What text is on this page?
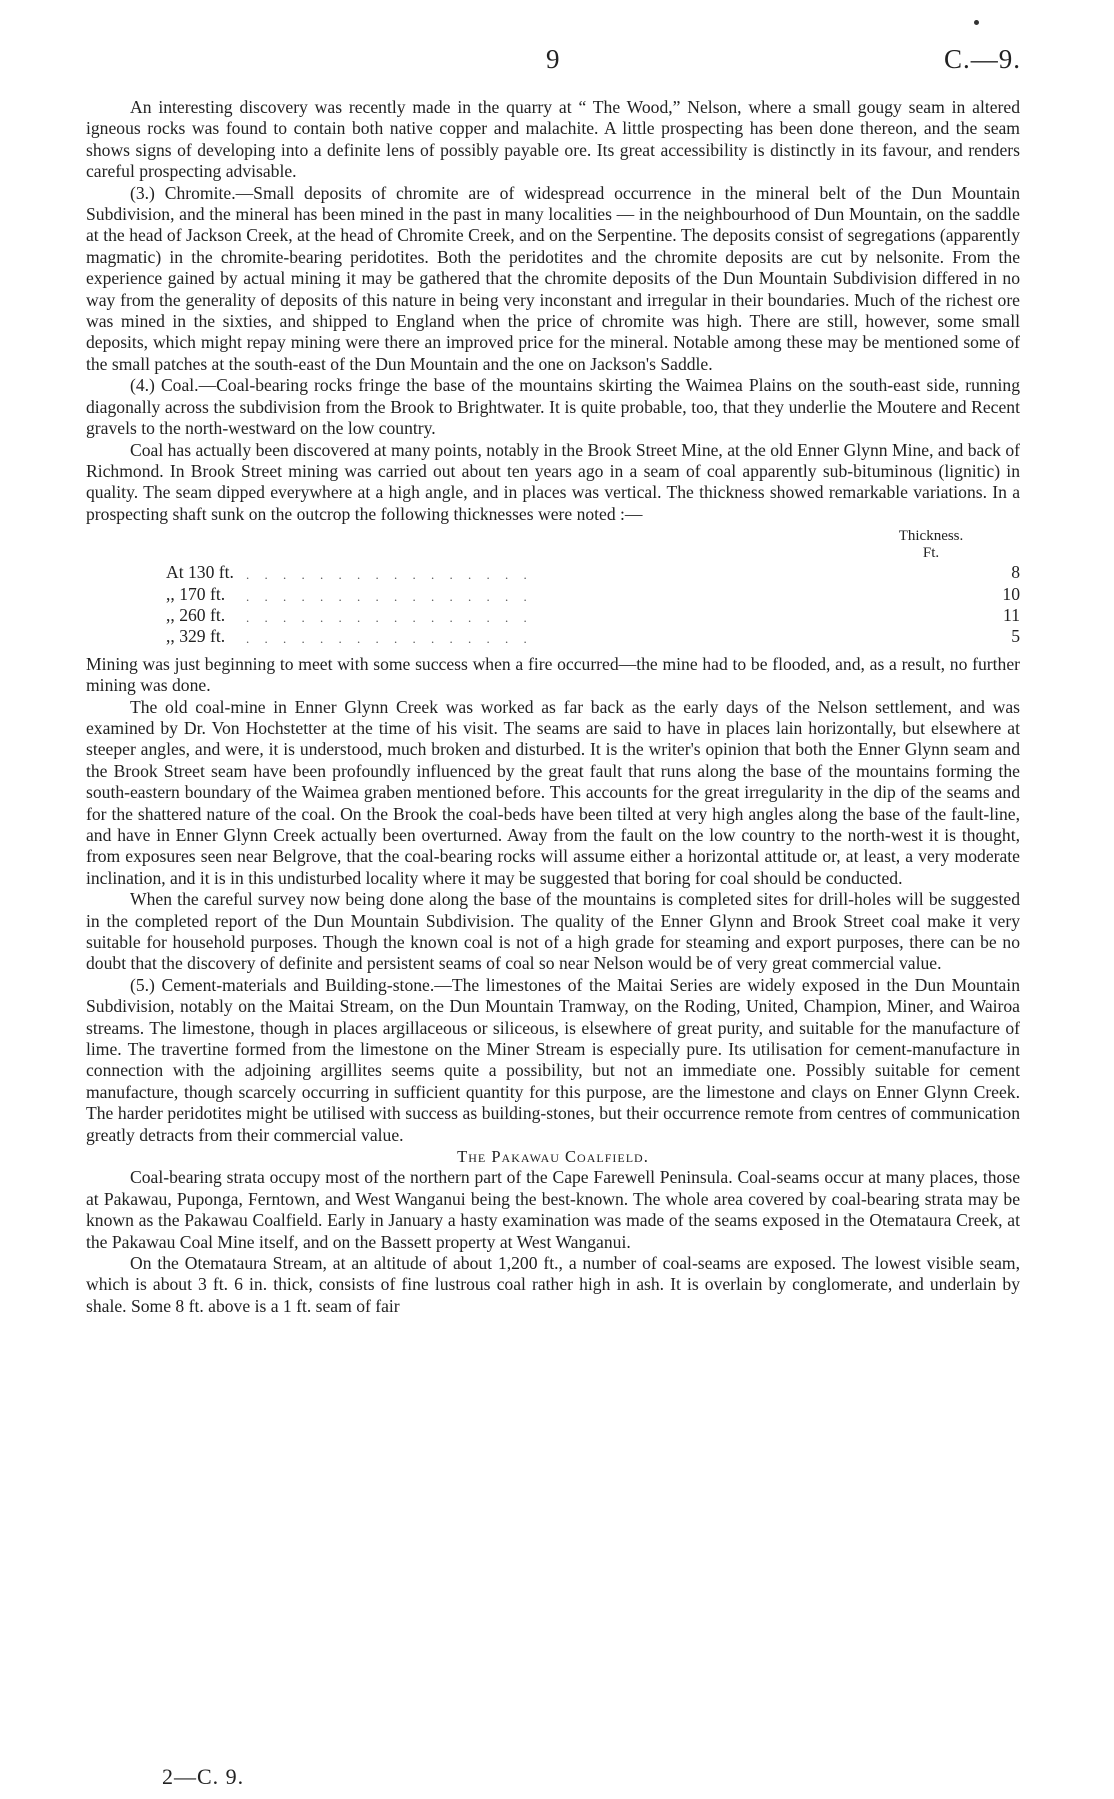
9	C.—9.

An interesting discovery was recently made in the quarry at “ The Wood,” Nelson, where a small gougy seam in altered igneous rocks was found to contain both native copper and malachite. A little prospecting has been done thereon, and the seam shows signs of developing into a definite lens of possibly payable ore. Its great accessibility is distinctly in its favour, and renders careful prospecting advisable.

(3.) Chromite.—Small deposits of chromite are of widespread occurrence in the mineral belt of the Dun Mountain Subdivision, and the mineral has been mined in the past in many localities — in the neighbourhood of Dun Mountain, on the saddle at the head of Jackson Creek, at the head of Chromite Creek, and on the Serpentine. The deposits consist of segregations (apparently magmatic) in the chromite-bearing peridotites. Both the peridotites and the chromite deposits are cut by nelsonite. From the experience gained by actual mining it may be gathered that the chromite deposits of the Dun Mountain Subdivision differed in no way from the generality of deposits of this nature in being very inconstant and irregular in their boundaries. Much of the richest ore was mined in the sixties, and shipped to England when the price of chromite was high. There are still, however, some small deposits, which might repay mining were there an improved price for the mineral. Notable among these may be mentioned some of the small patches at the south-east of the Dun Mountain and the one on Jackson's Saddle.

(4.) Coal.—Coal-bearing rocks fringe the base of the mountains skirting the Waimea Plains on the south-east side, running diagonally across the subdivision from the Brook to Brightwater. It is quite probable, too, that they underlie the Moutere and Recent gravels to the north-westward on the low country.

Coal has actually been discovered at many points, notably in the Brook Street Mine, at the old Enner Glynn Mine, and back of Richmond. In Brook Street mining was carried out about ten years ago in a seam of coal apparently sub-bituminous (lignitic) in quality. The seam dipped everywhere at a high angle, and in places was vertical. The thickness showed remarkable variations. In a prospecting shaft sunk on the outcrop the following thicknesses were noted :—

Thickness.
Ft.
At 130 ft. . . . . . . . . . . . . . . . .	8
,, 170 ft.	. . . . . . . . . . . . . . . .	10
,, 260 ft.	. . . . . . . . . . . . . . . .	11
,, 329 ft.	. . . . . . . . . . . . . . . .	5

Mining was just beginning to meet with some success when a fire occurred—the mine had to be flooded, and, as a result, no further mining was done.

The old coal-mine in Enner Glynn Creek was worked as far back as the early days of the Nelson settlement, and was examined by Dr. Von Hochstetter at the time of his visit. The seams are said to have in places lain horizontally, but elsewhere at steeper angles, and were, it is understood, much broken and disturbed. It is the writer's opinion that both the Enner Glynn seam and the Brook Street seam have been profoundly influenced by the great fault that runs along the base of the mountains forming the south-eastern boundary of the Waimea graben mentioned before. This accounts for the great irregularity in the dip of the seams and for the shattered nature of the coal. On the Brook the coal-beds have been tilted at very high angles along the base of the fault-line, and have in Enner Glynn Creek actually been overturned. Away from the fault on the low country to the north-west it is thought, from exposures seen near Belgrove, that the coal-bearing rocks will assume either a horizontal attitude or, at least, a very moderate inclination, and it is in this undisturbed locality where it may be suggested that boring for coal should be conducted.

When the careful survey now being done along the base of the mountains is completed sites for drill-holes will be suggested in the completed report of the Dun Mountain Subdivision. The quality of the Enner Glynn and Brook Street coal make it very suitable for household purposes. Though the known coal is not of a high grade for steaming and export purposes, there can be no doubt that the discovery of definite and persistent seams of coal so near Nelson would be of very great commercial value.

(5.) Cement-materials and Building-stone.—The limestones of the Maitai Series are widely exposed in the Dun Mountain Subdivision, notably on the Maitai Stream, on the Dun Mountain Tramway, on the Roding, United, Champion, Miner, and Wairoa streams. The limestone, though in places argillaceous or siliceous, is elsewhere of great purity, and suitable for the manufacture of lime. The travertine formed from the limestone on the Miner Stream is especially pure. Its utilisation for cement-manufacture in connection with the adjoining argillites seems quite a possibility, but not an immediate one. Possibly suitable for cement manufacture, though scarcely occurring in sufficient quantity for this purpose, are the limestone and clays on Enner Glynn Creek. The harder peridotites might be utilised with success as building-stones, but their occurrence remote from centres of communication greatly detracts from their commercial value.

The Pakawau Coalfield.

Coal-bearing strata occupy most of the northern part of the Cape Farewell Peninsula. Coal-seams occur at many places, those at Pakawau, Puponga, Ferntown, and West Wanganui being the best-known. The whole area covered by coal-bearing strata may be known as the Pakawau Coalfield. Early in January a hasty examination was made of the seams exposed in the Otemataura Creek, at the Pakawau Coal Mine itself, and on the Bassett property at West Wanganui.

On the Otemataura Stream, at an altitude of about 1,200 ft., a number of coal-seams are exposed. The lowest visible seam, which is about 3 ft. 6 in. thick, consists of fine lustrous coal rather high in ash. It is overlain by conglomerate, and underlain by shale. Some 8 ft. above is a 1 ft. seam of fair

2—C. 9.
